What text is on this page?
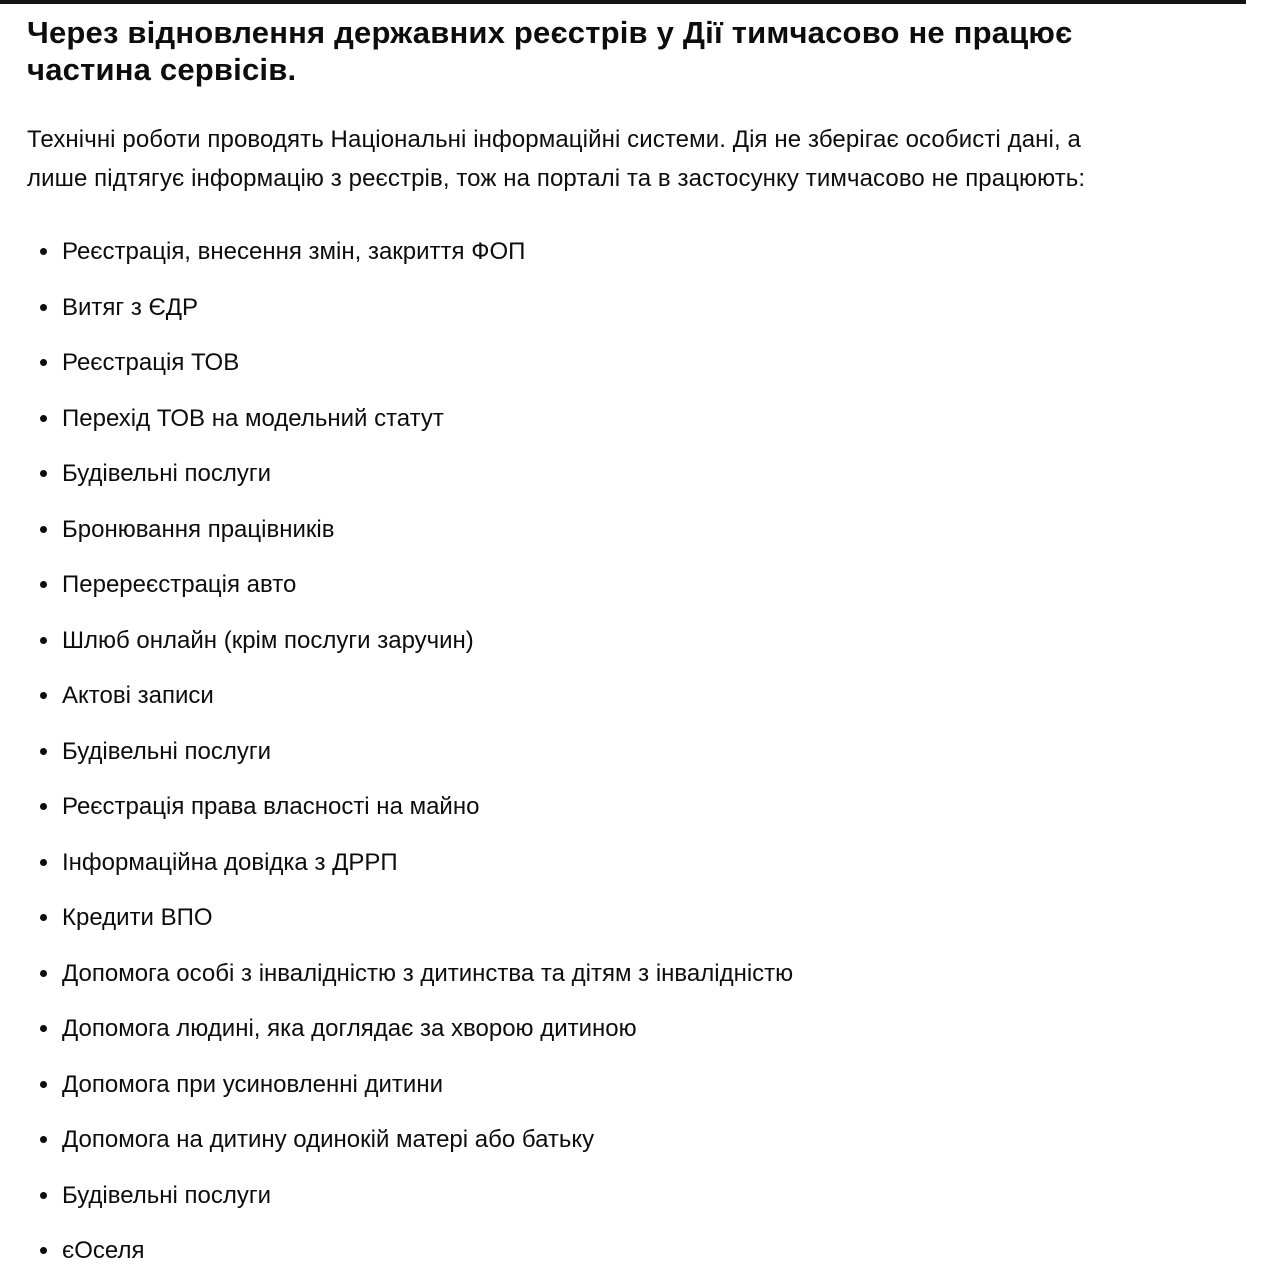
Через відновлення державних реєстрів у Дії тимчасово не працює
частина сервісів.

Технічні роботи проводять Національні інформаційні системи. Дія не зберігає особисті дані, а
лише підтягує інформацію з реєстрів, тож на порталі та в застосунку тимчасово не працюють:

Реєстрація, внесення змін, закриття ФОП
Витяг з ЄДР
Реєстрація ТОВ
Перехід ТОВ на модельний статут
Будівельні послуги
Бронювання працівників
Перереєстрація авто
Шлюб онлайн (крім послуги заручин)
Актові записи
Будівельні послуги
Реєстрація права власності на майно
Інформаційна довідка з ДРРП
Кредити ВПО
Допомога особі з інвалідністю з дитинства та дітям з інвалідністю
Допомога людині, яка доглядає за хворою дитиною
Допомога при усиновленні дитини
Допомога на дитину одинокій матері або батьку
Будівельні послуги
єОселя
